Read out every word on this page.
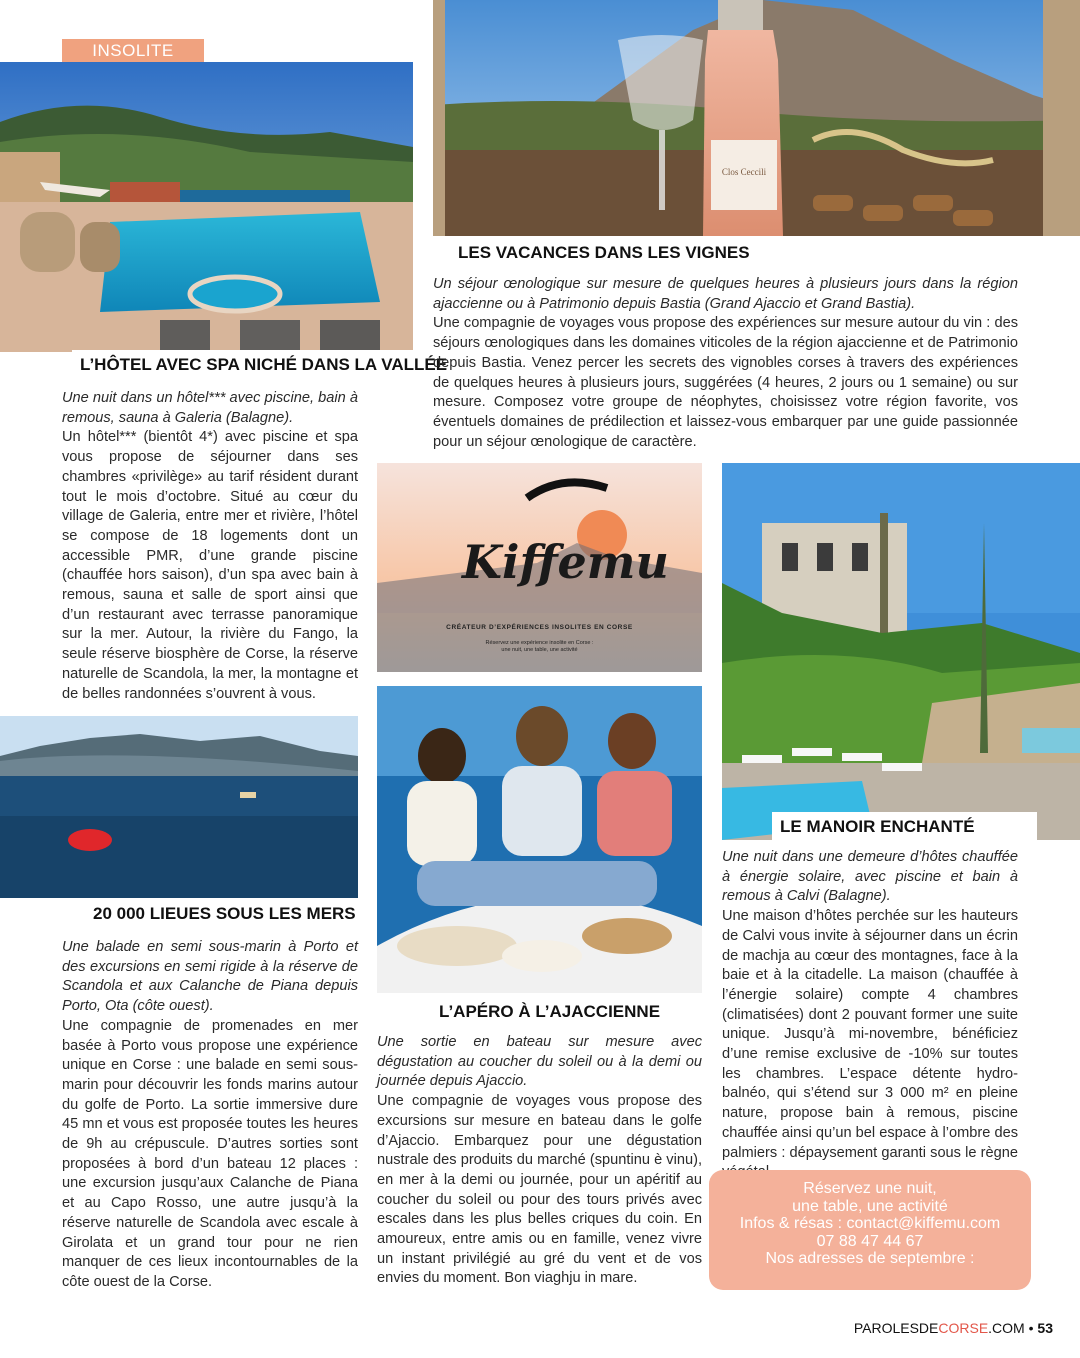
INSOLITE
L’HÔTEL AVEC SPA NICHÉ DANS LA VALLÉE
Clos Ceccili
LES VACANCES DANS LES VIGNES

Un séjour œnologique sur mesure de quelques heures à plusieurs jours dans la région ajaccienne ou à Patrimonio depuis Bastia (Grand Ajaccio et Grand Bastia).

Une compagnie de voyages vous propose des expériences sur mesure autour du vin : des séjours œnologiques dans les domaines viticoles de la région ajaccienne et de Patrimonio depuis Bastia. Venez percer les secrets des vignobles corses à travers des expériences de quelques heures à plusieurs jours, suggérées (4 heures, 2 jours ou 1 semaine) ou sur mesure. Composez votre groupe de néophytes, choisissez votre région favorite, vos éventuels domaines de prédilection et laissez-vous embarquer par une guide passionnée pour un séjour œnologique de caractère.

Une nuit dans un hôtel*** avec piscine, bain à remous, sauna à Galeria (Balagne).

Un hôtel*** (bientôt 4*) avec piscine et spa vous propose de séjourner dans ses chambres «privilège» au tarif résident durant tout le mois d’octobre. Situé au cœur du village de Galeria, entre mer et rivière, l’hôtel se compose de 18 logements dont un accessible PMR, d’une grande piscine (chauffée hors saison), d’un spa avec bain à remous, sauna et salle de sport ainsi que d’un restaurant avec terrasse panoramique sur la mer. Autour, la rivière du Fango, la seule réserve biosphère de Corse, la réserve naturelle de Scandola, la mer, la montagne et de belles randonnées s’ouvrent à vous.

Kiffemu
CRÉATEUR D’EXPÉRIENCES INSOLITES EN CORSE
Réservez une expérience insolite en Corse :
une nuit, une table, une activité
LE MANOIR ENCHANTÉ

Une nuit dans une demeure d’hôtes chauffée à énergie solaire, avec piscine et bain à remous à Calvi (Balagne).

Une maison d’hôtes perchée sur les hauteurs de Calvi vous invite à séjourner dans un écrin de machja au cœur des montagnes, face à la baie et à la citadelle. La maison (chauffée à l’énergie solaire) compte 4 chambres (climatisées) dont 2 pouvant former une suite unique. Jusqu’à mi-novembre, bénéficiez d’une remise exclusive de -10% sur toutes les chambres. L’espace détente hydro-balnéo, qui s’étend sur 3 000 m² en pleine nature, propose bain à remous, piscine chauffée ainsi qu’un bel espace à l’ombre des palmiers : dépaysement garanti sous le règne

L’APÉRO À L’AJACCIENNE

Une sortie en bateau sur mesure avec dégustation au coucher du soleil ou à la demi ou journée depuis Ajaccio.

Une compagnie de voyages vous propose des excursions sur mesure en bateau dans le golfe d’Ajaccio. Embarquez pour une dégustation nustrale des produits du marché (spuntinu è vinu), en mer à la demi ou journée, pour un apéritif au coucher du soleil ou pour des tours privés avec escales dans les plus belles criques du coin. En amoureux, entre amis ou en famille, venez vivre un instant privilégié au gré du vent et de vos envies du moment. Bon viaghju in mare.

20 000 LIEUES SOUS LES MERS

Une balade en semi sous-marin à Porto et des excursions en semi rigide à la réserve de Scandola et aux Calanche de Piana depuis Porto, Ota (côte ouest).

Une compagnie de promenades en mer basée à Porto vous propose une expérience unique en Corse : une balade en semi sous-marin pour découvrir les fonds marins autour du golfe de Porto. La sortie immersive dure 45 mn et vous est proposée toutes les heures de 9h au crépuscule. D’autres sorties sont proposées à bord d’un bateau 12 places : une excursion jusqu’aux Calanche de Piana et au Capo Rosso, une autre jusqu’à la réserve naturelle de Scandola avec escale à Girolata et un grand tour pour ne rien manquer de ces lieux incontournables de la côte ouest de la Corse.

Réservez une nuit,
une table, une activité
Infos & résas : contact@kiffemu.com
07 88 47 44 67
Nos adresses de septembre :
PAROLESDECORSE.COM • 53
